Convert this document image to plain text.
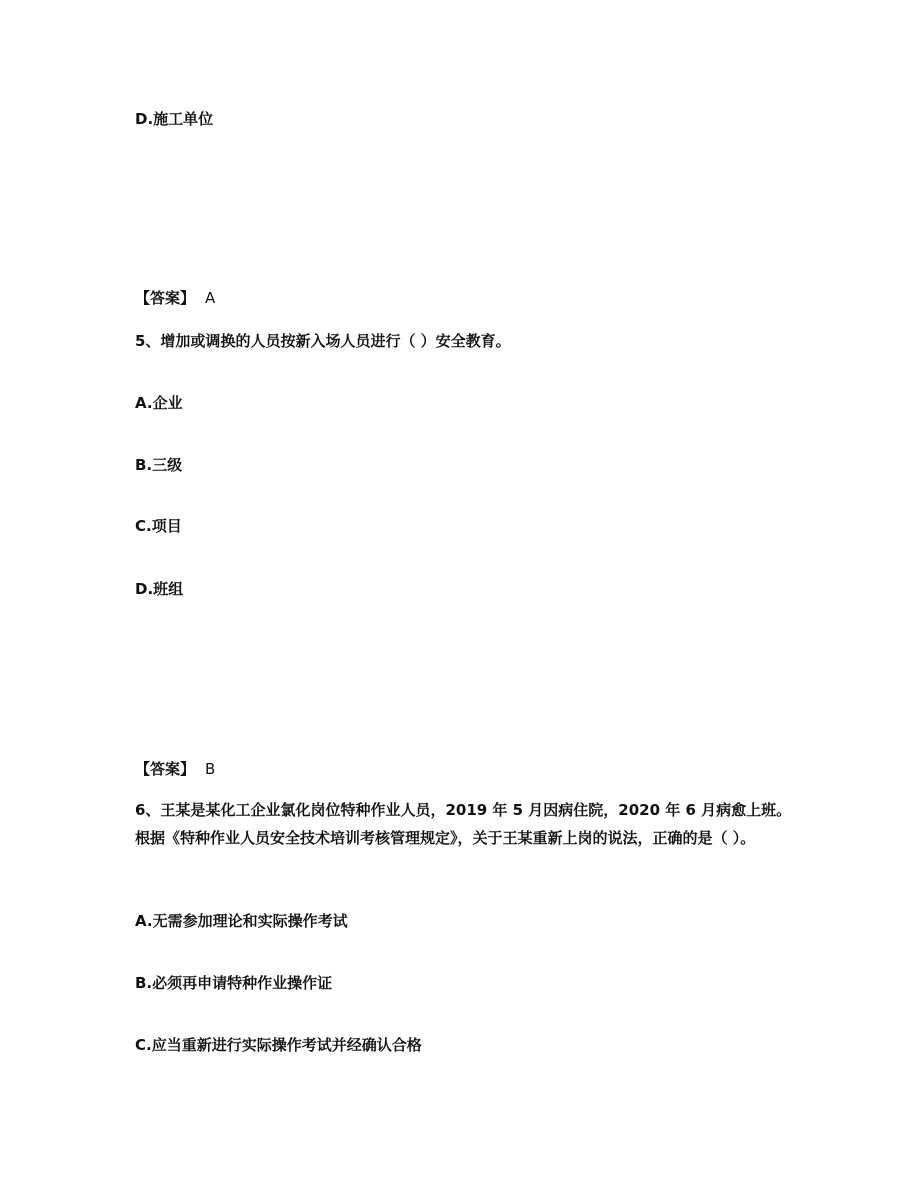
D.施工单位
【答案】 A
5、增加或调换的人员按新入场人员进行（ ）安全教育。
A.企业
B.三级
C.项目
D.班组
【答案】 B
6、王某是某化工企业氯化岗位特种作业人员，2019 年 5 月因病住院，2020 年 6 月病愈上班。根据《特种作业人员安全技术培训考核管理规定》，关于王某重新上岗的说法，正确的是（ ）。
A.无需参加理论和实际操作考试
B.必须再申请特种作业操作证
C.应当重新进行实际操作考试并经确认合格
